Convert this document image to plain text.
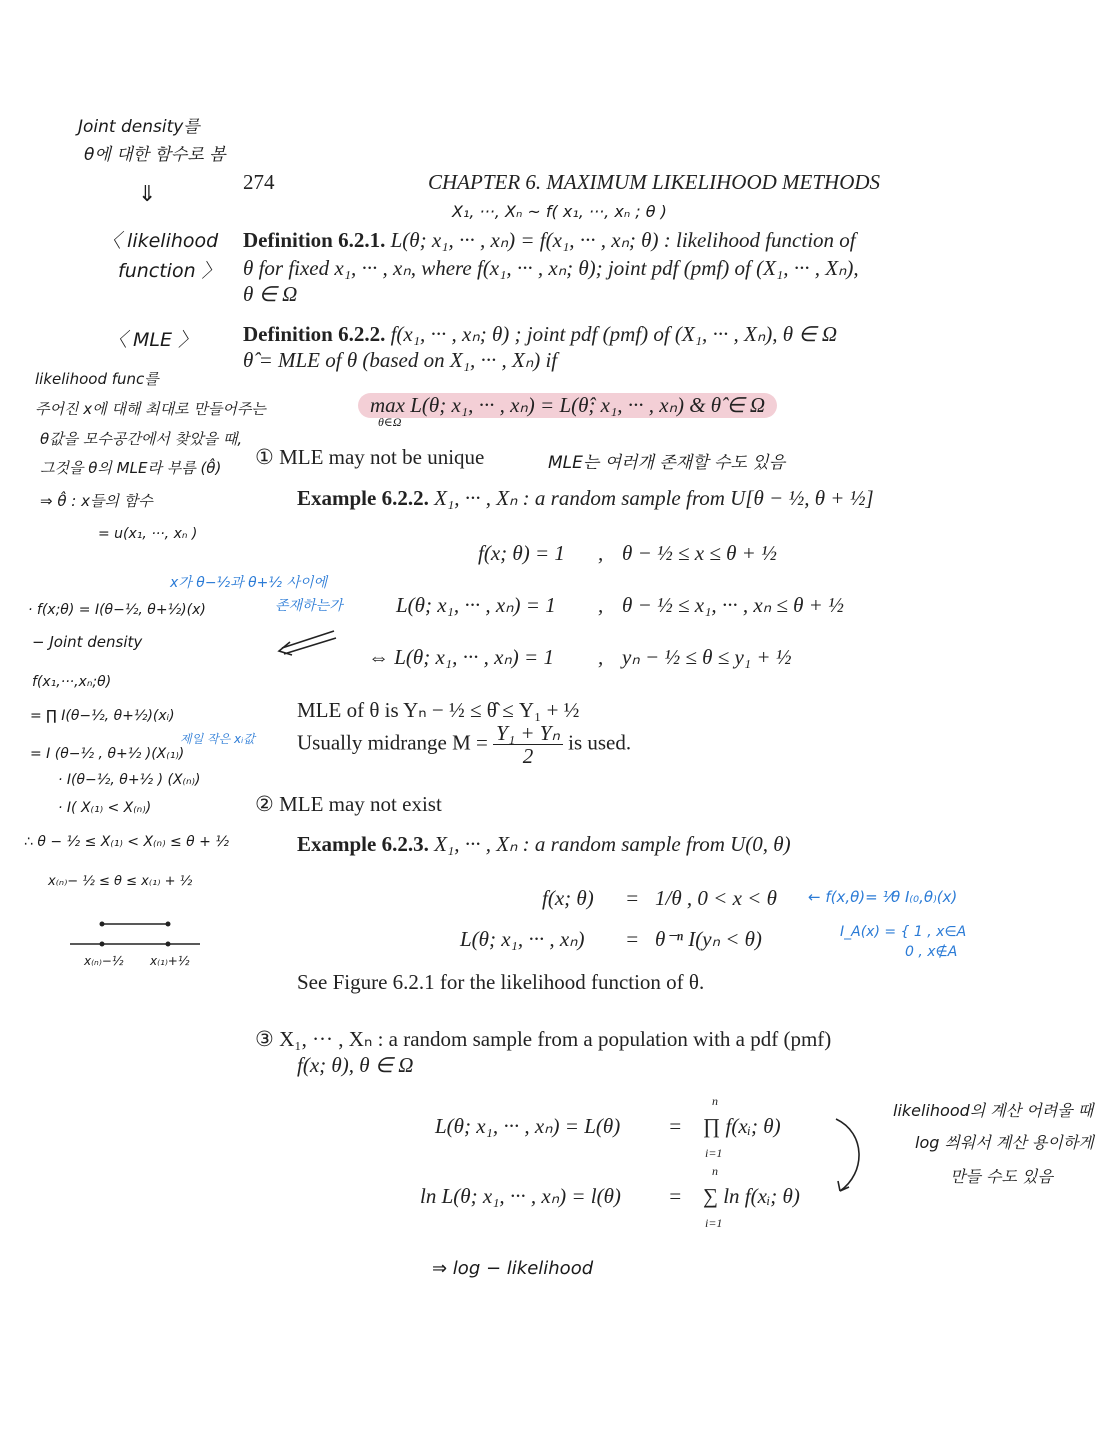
274	CHAPTER 6. MAXIMUM LIKELIHOOD METHODS
X₁, ···, Xₙ ~ f( x₁, ···, xₙ ; θ )
Definition 6.2.1. L(θ; x₁, ··· , xₙ) = f(x₁, ··· , xₙ; θ) : likelihood function of
θ for fixed x₁, ··· , xₙ, where f(x₁, ··· , xₙ; θ); joint pdf (pmf) of (X₁, ··· , Xₙ),
θ ∈ Ω
Definition 6.2.2. f(x₁, ··· , xₙ; θ) ; joint pdf (pmf) of (X₁, ··· , Xₙ), θ ∈ Ω
θ̂ = MLE of θ (based on X₁, ··· , Xₙ) if
max L(θ; x₁, ··· , xₙ) = L(θ̂; x₁, ··· , xₙ) & θ̂ ∈ Ω
θ∈Ω
① MLE may not be unique	MLE는 여러개 존재할 수도 있음
Example 6.2.2. X₁, ··· , Xₙ : a random sample from U[θ − ½, θ + ½]
f(x; θ) = 1 , θ − ½ ≤ x ≤ θ + ½
L(θ; x₁, ··· , xₙ) = 1 , θ − ½ ≤ x₁, ··· , xₙ ≤ θ + ½
⇔ L(θ; x₁, ··· , xₙ) = 1 , yₙ − ½ ≤ θ ≤ y₁ + ½
MLE of θ is Yₙ − ½ ≤ θ̂ ≤ Y₁ + ½
Usually midrange $M = \frac{\text{Y₁ + Yₙ}}{2}$ is used.
② MLE may not exist
Example 6.2.3. X₁, ··· , Xₙ : a random sample from U(0, θ)
f(x; θ) = 1/θ , 0 < x < θ ← f(x,θ)= ¹⁄θ I₍₀,θ₎(x)
L(θ; x₁, ··· , xₙ) = θ⁻ⁿ I(yₙ < θ)	I_A(x) = { 1 , x∈A
0 , x∉A
See Figure 6.2.1 for the likelihood function of θ.
③ X₁, ··· , Xₙ : a random sample from a population with a pdf (pmf)
f(x; θ), θ ∈ Ω
L(θ; x₁, ··· , xₙ) = L(θ) =
n
∏ f(xᵢ; θ)
i=1
ln L(θ; x₁, ··· , xₙ) = l(θ) =
n
∑ ln f(xᵢ; θ)
i=1
likelihood의 계산 어려울 때
log 씌워서 계산 용이하게
만들 수도 있음
⇒ log − likelihood
Joint density를
θ에 대한 함수로 봄
⇓
〈 likelihood
function 〉
〈 MLE 〉
likelihood func를
주어진 x에 대해 최대로 만들어주는
θ값을 모수공간에서 찾았을 때,
그것을 θ의 MLE라 부름 (θ̂)
⇒ θ̂ : x들의 함수
= u(x₁, ···, xₙ )
x가 θ−½과 θ+½ 사이에
존재하는가
· f(x;θ) = I(θ−½, θ+½)(x)
− Joint density
f(x₁,···,xₙ;θ)
= ∏ I(θ−½, θ+½)(xᵢ)
제일 작은 xᵢ값
= I (θ−½ , θ+½ )(X₍₁₎)
· I(θ−½, θ+½ ) (X₍ₙ₎)
· I( X₍₁₎ < X₍ₙ₎)
∴ θ − ½ ≤ X₍₁₎ < X₍ₙ₎ ≤ θ + ½
x₍ₙ₎− ½ ≤ θ ≤ x₍₁₎ + ½
x₍ₙ₎−½ x₍₁₎+½
